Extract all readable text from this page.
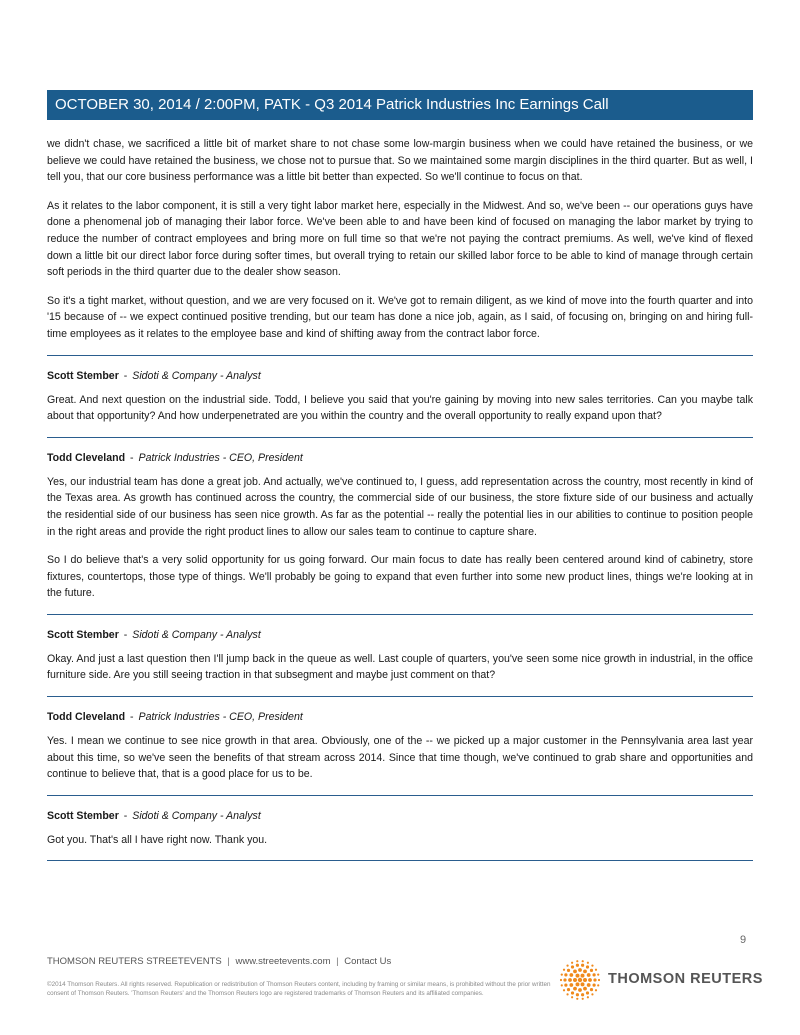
OCTOBER 30, 2014 / 2:00PM, PATK - Q3 2014 Patrick Industries Inc Earnings Call

we didn't chase, we sacrificed a little bit of market share to not chase some low-margin business when we could have retained the business, or we believe we could have retained the business, we chose not to pursue that. So we maintained some margin disciplines in the third quarter. But as well, I tell you, that our core business performance was a little bit better than expected. So we'll continue to focus on that.

As it relates to the labor component, it is still a very tight labor market here, especially in the Midwest. And so, we've been -- our operations guys have done a phenomenal job of managing their labor force. We've been able to and have been kind of focused on managing the labor market by trying to reduce the number of contract employees and bring more on full time so that we're not paying the contract premiums. As well, we've kind of flexed down a little bit our direct labor force during softer times, but overall trying to retain our skilled labor force to be able to kind of manage through certain soft periods in the third quarter due to the dealer show season.

So it's a tight market, without question, and we are very focused on it. We've got to remain diligent, as we kind of move into the fourth quarter and into '15 because of -- we expect continued positive trending, but our team has done a nice job, again, as I said, of focusing on, bringing on and hiring full-time employees as it relates to the employee base and kind of shifting away from the contract labor force.

Scott Stember - Sidoti & Company - Analyst

Great. And next question on the industrial side. Todd, I believe you said that you're gaining by moving into new sales territories. Can you maybe talk about that opportunity? And how underpenetrated are you within the country and the overall opportunity to really expand upon that?

Todd Cleveland - Patrick Industries - CEO, President

Yes, our industrial team has done a great job. And actually, we've continued to, I guess, add representation across the country, most recently in kind of the Texas area. As growth has continued across the country, the commercial side of our business, the store fixture side of our business and actually the residential side of our business has seen nice growth. As far as the potential -- really the potential lies in our abilities to continue to position people in the right areas and provide the right product lines to allow our sales team to continue to capture share.

So I do believe that's a very solid opportunity for us going forward. Our main focus to date has really been centered around kind of cabinetry, store fixtures, countertops, those type of things. We'll probably be going to expand that even further into some new product lines, things we're looking at in the future.

Scott Stember - Sidoti & Company - Analyst

Okay. And just a last question then I'll jump back in the queue as well. Last couple of quarters, you've seen some nice growth in industrial, in the office furniture side. Are you still seeing traction in that subsegment and maybe just comment on that?

Todd Cleveland - Patrick Industries - CEO, President

Yes. I mean we continue to see nice growth in that area. Obviously, one of the -- we picked up a major customer in the Pennsylvania area last year about this time, so we've seen the benefits of that stream across 2014. Since that time though, we've continued to grab share and opportunities and continue to believe that, that is a good place for us to be.

Scott Stember - Sidoti & Company - Analyst

Got you. That's all I have right now. Thank you.

9
THOMSON REUTERS STREETEVENTS | www.streetevents.com | Contact Us
©2014 Thomson Reuters. All rights reserved. Republication or redistribution of Thomson Reuters content, including by framing or similar means, is prohibited without the prior written consent of Thomson Reuters. 'Thomson Reuters' and the Thomson Reuters logo are registered trademarks of Thomson Reuters and its affiliated companies.
THOMSON REUTERS
